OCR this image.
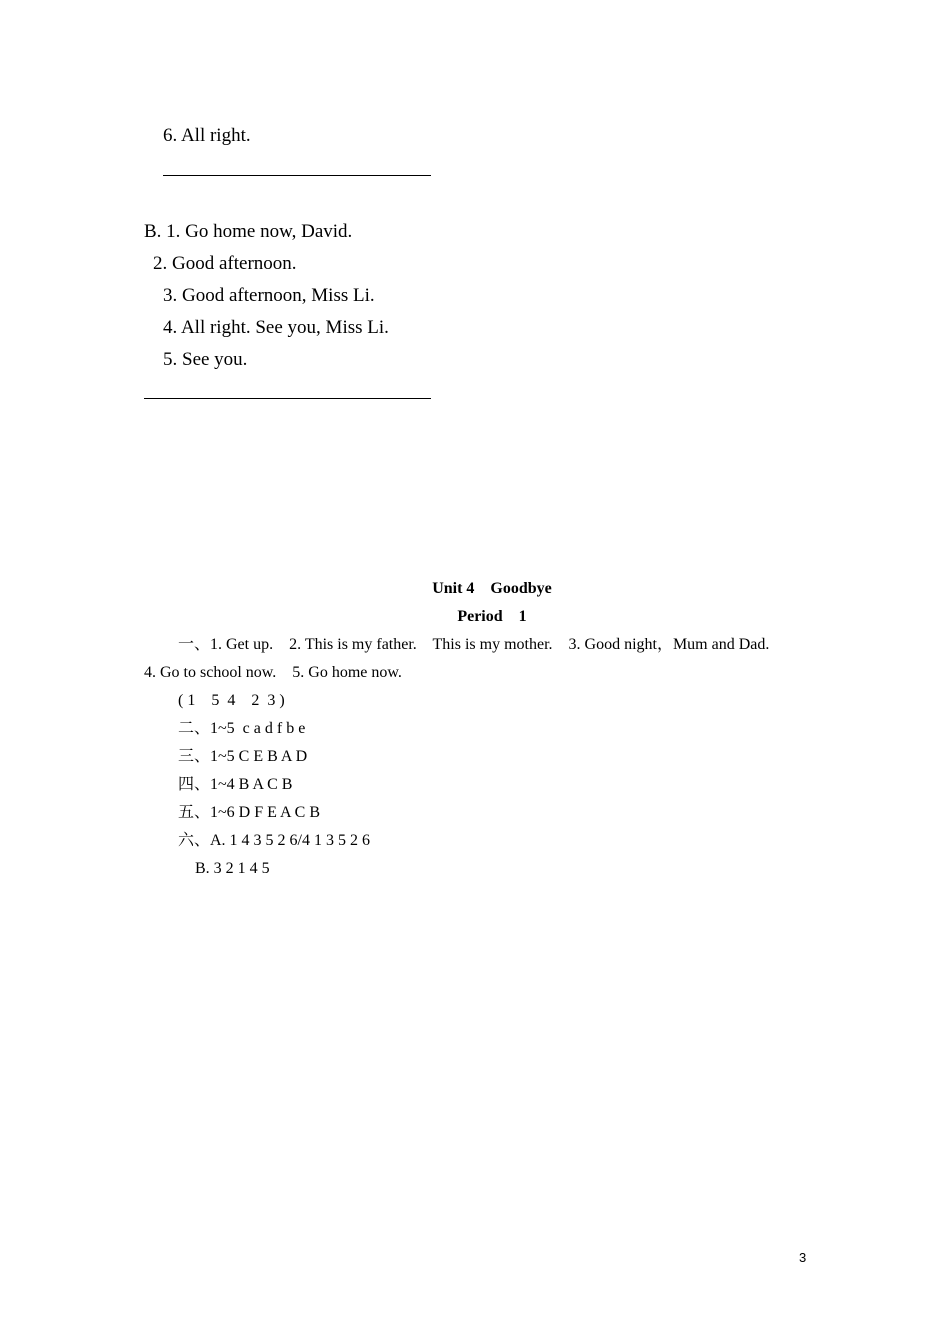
6. All right.
B. 1. Go home now, David.
2. Good afternoon.
3. Good afternoon, Miss Li.
4. All right. See you, Miss Li.
5. See you.
Unit 4    Goodbye
Period    1
一、1. Get up.    2. This is my father.    This is my mother.    3. Good night，Mum and Dad.
4. Go to school now.    5. Go home now.
( 1    5  4    2  3 )
二、1~5  c a d f b e
三、1~5 C E B A D
四、1~4 B A C B
五、1~6 D F E A C B
六、A. 1 4 3 5 2 6/4 1 3 5 2 6
B. 3 2 1 4 5
3
